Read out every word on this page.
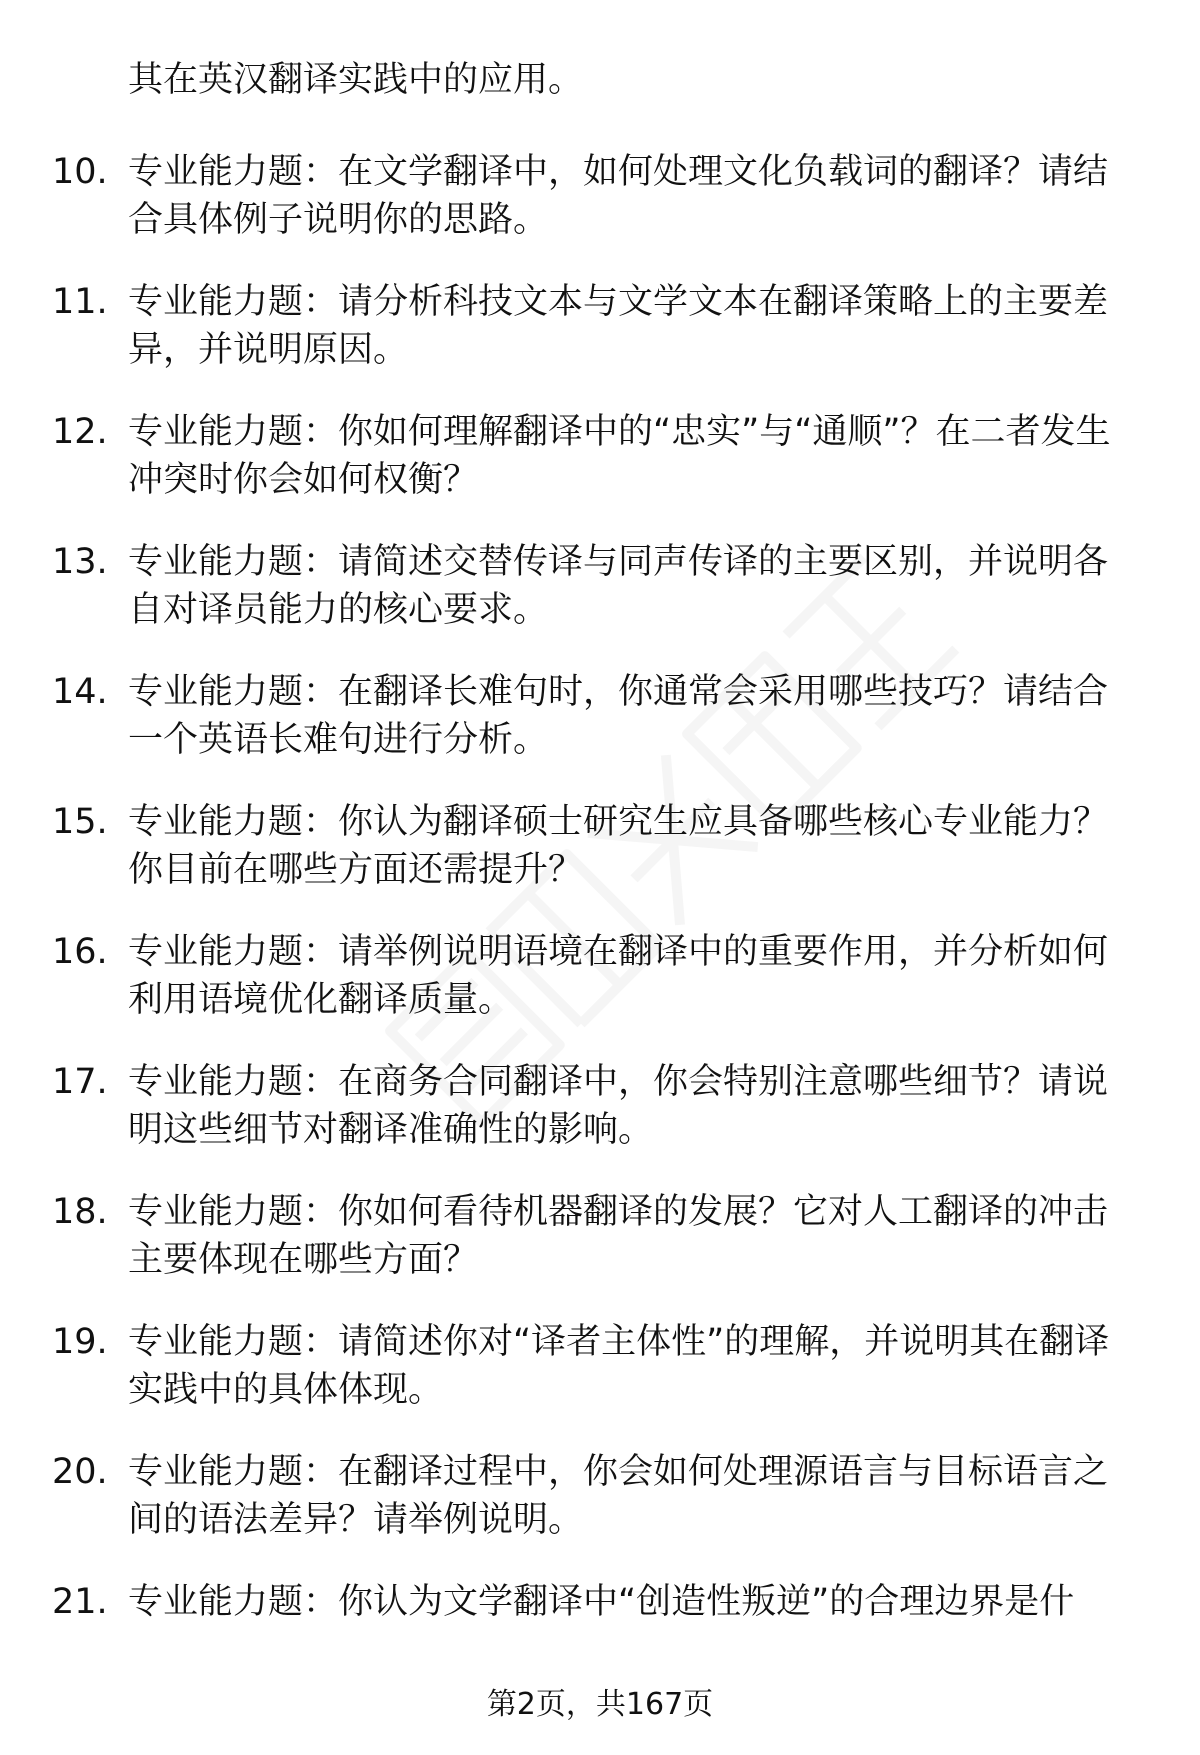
其在英汉翻译实践中的应用。

10. 专业能力题：在文学翻译中，如何处理文化负载词的翻译？请结合具体例子说明你的思路。

11. 专业能力题：请分析科技文本与文学文本在翻译策略上的主要差异，并说明原因。

12. 专业能力题：你如何理解翻译中的“忠实”与“通顺”？在二者发生冲突时你会如何权衡？

13. 专业能力题：请简述交替传译与同声传译的主要区别，并说明各自对译员能力的核心要求。

14. 专业能力题：在翻译长难句时，你通常会采用哪些技巧？请结合一个英语长难句进行分析。

15. 专业能力题：你认为翻译硕士研究生应具备哪些核心专业能力？你目前在哪些方面还需提升？

16. 专业能力题：请举例说明语境在翻译中的重要作用，并分析如何利用语境优化翻译质量。

17. 专业能力题：在商务合同翻译中，你会特别注意哪些细节？请说明这些细节对翻译准确性的影响。

18. 专业能力题：你如何看待机器翻译的发展？它对人工翻译的冲击主要体现在哪些方面？

19. 专业能力题：请简述你对“译者主体性”的理解，并说明其在翻译实践中的具体体现。

20. 专业能力题：在翻译过程中，你会如何处理源语言与目标语言之间的语法差异？请举例说明。

21. 专业能力题：你认为文学翻译中“创造性叛逆”的合理边界是什

第2页，共167页
